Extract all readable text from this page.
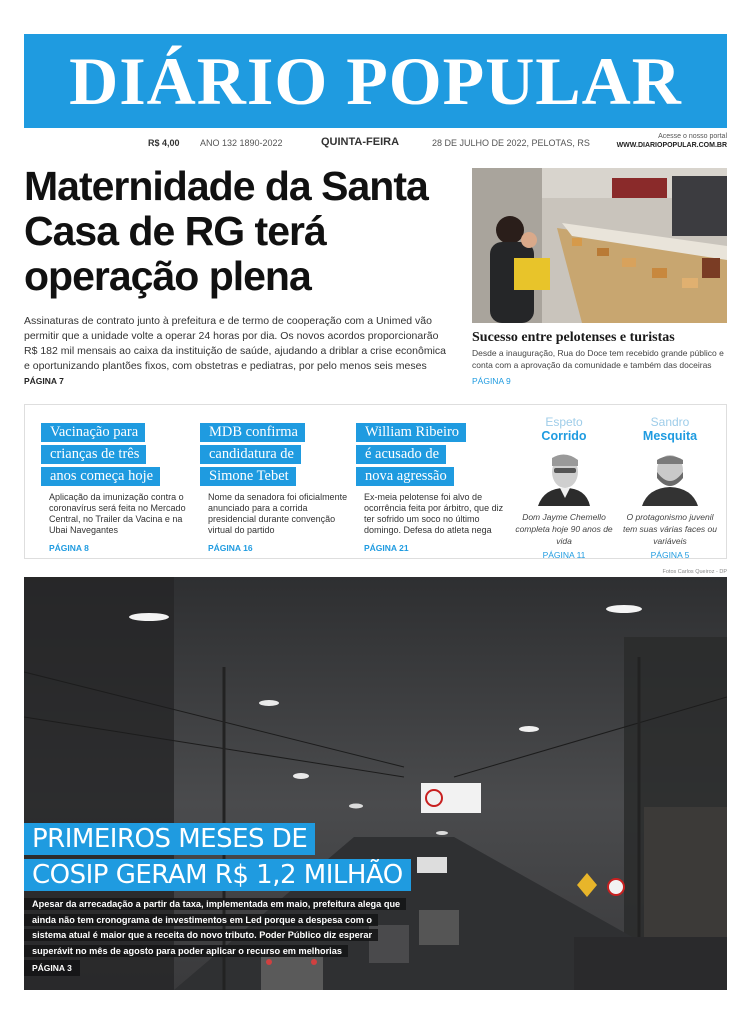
DIÁRIO POPULAR
R$ 4,00 ANO 132 1890-2022	QUINTA-FEIRA	28 DE JULHO DE 2022, PELOTAS, RS
Acesse o nosso portal
WWW.DIARIOPOPULAR.COM.BR
Maternidade da Santa Casa de RG terá operação plena
Assinaturas de contrato junto à prefeitura e de termo de cooperação com a Unimed vão permitir que a unidade volte a operar 24 horas por dia. Os novos acordos proporcionarão R$ 182 mil mensais ao caixa da instituição de saúde, ajudando a driblar a crise econômica e oportunizando plantões fixos, com obstetras e pediatras, por pelo menos seis meses
PÁGINA 7
Sucesso entre pelotenses e turistas
Desde a inauguração, Rua do Doce tem recebido grande público e conta com a aprovação da comunidade e também das doceiras
PÁGINA 9
Vacinação para
crianças de três
anos começa hoje
Aplicação da imunização contra o coronavírus será feita no Mercado Central, no Trailer da Vacina e na Ubai Navegantes
PÁGINA 8
MDB confirma
candidatura de
Simone Tebet
Nome da senadora foi oficialmente anunciado para a corrida presidencial durante convenção virtual do partido
PÁGINA 16
William Ribeiro
é acusado de
nova agressão
Ex-meia pelotense foi alvo de ocorrência feita por árbitro, que diz ter sofrido um soco no último domingo. Defesa do atleta nega
PÁGINA 21
Espeto
Corrido
Dom Jayme Chemello completa hoje 90 anos de vida
PÁGINA 11
Sandro
Mesquita
O protagonismo juvenil tem suas várias faces ou variáveis
PÁGINA 5
Fotos Carlos Queiroz - DP
PRIMEIROS MESES DE
COSIP GERAM R$ 1,2 MILHÃO
Apesar da arrecadação a partir da taxa, implementada em maio, prefeitura alega que ainda não tem cronograma de investimentos em Led porque a despesa com o sistema atual é maior que a receita do novo tributo. Poder Público diz esperar superávit no mês de agosto para poder aplicar o recurso em melhorias
PÁGINA 3
